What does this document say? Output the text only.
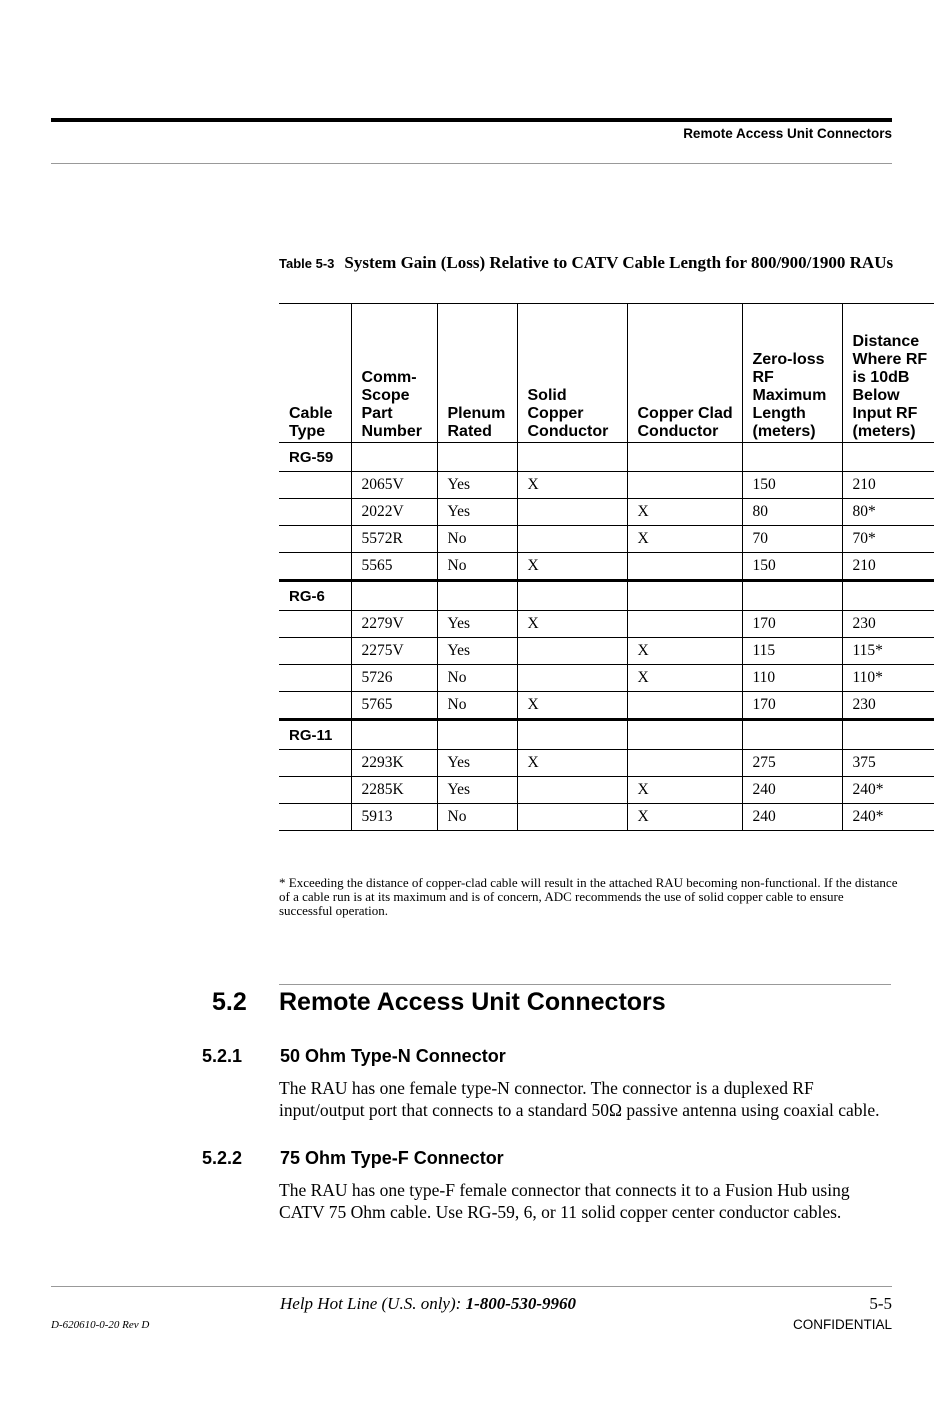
Remote Access Unit Connectors
Table 5-3 System Gain (Loss) Relative to CATV Cable Length for 800/900/1900 RAUs
Cable Type	Comm-Scope Part Number	Plenum Rated	Solid Copper Conductor	Copper Clad Conductor	Zero-loss RF Maximum Length (meters)	Distance Where RF is 10dB Below Input RF (meters)
RG-59						
	2065V	Yes	X		150	210
	2022V	Yes		X	80	80*
	5572R	No		X	70	70*
	5565	No	X		150	210
RG-6						
	2279V	Yes	X		170	230
	2275V	Yes		X	115	115*
	5726	No		X	110	110*
	5765	No	X		170	230
RG-11						
	2293K	Yes	X		275	375
	2285K	Yes		X	240	240*
	5913	No		X	240	240*
* Exceeding the distance of copper-clad cable will result in the attached RAU becoming non-functional. If the distance of a cable run is at its maximum and is of concern, ADC recommends the use of solid copper cable to ensure successful operation.
5.2 Remote Access Unit Connectors
5.2.1 50 Ohm Type-N Connector
The RAU has one female type-N connector. The connector is a duplexed RF input/output port that connects to a standard 50Ω passive antenna using coaxial cable.
5.2.2 75 Ohm Type-F Connector
The RAU has one type-F female connector that connects it to a Fusion Hub using CATV 75 Ohm cable. Use RG-59, 6, or 11 solid copper center conductor cables.
Help Hot Line (U.S. only): 1-800-530-9960	5-5
D-620610-0-20 Rev D	CONFIDENTIAL
